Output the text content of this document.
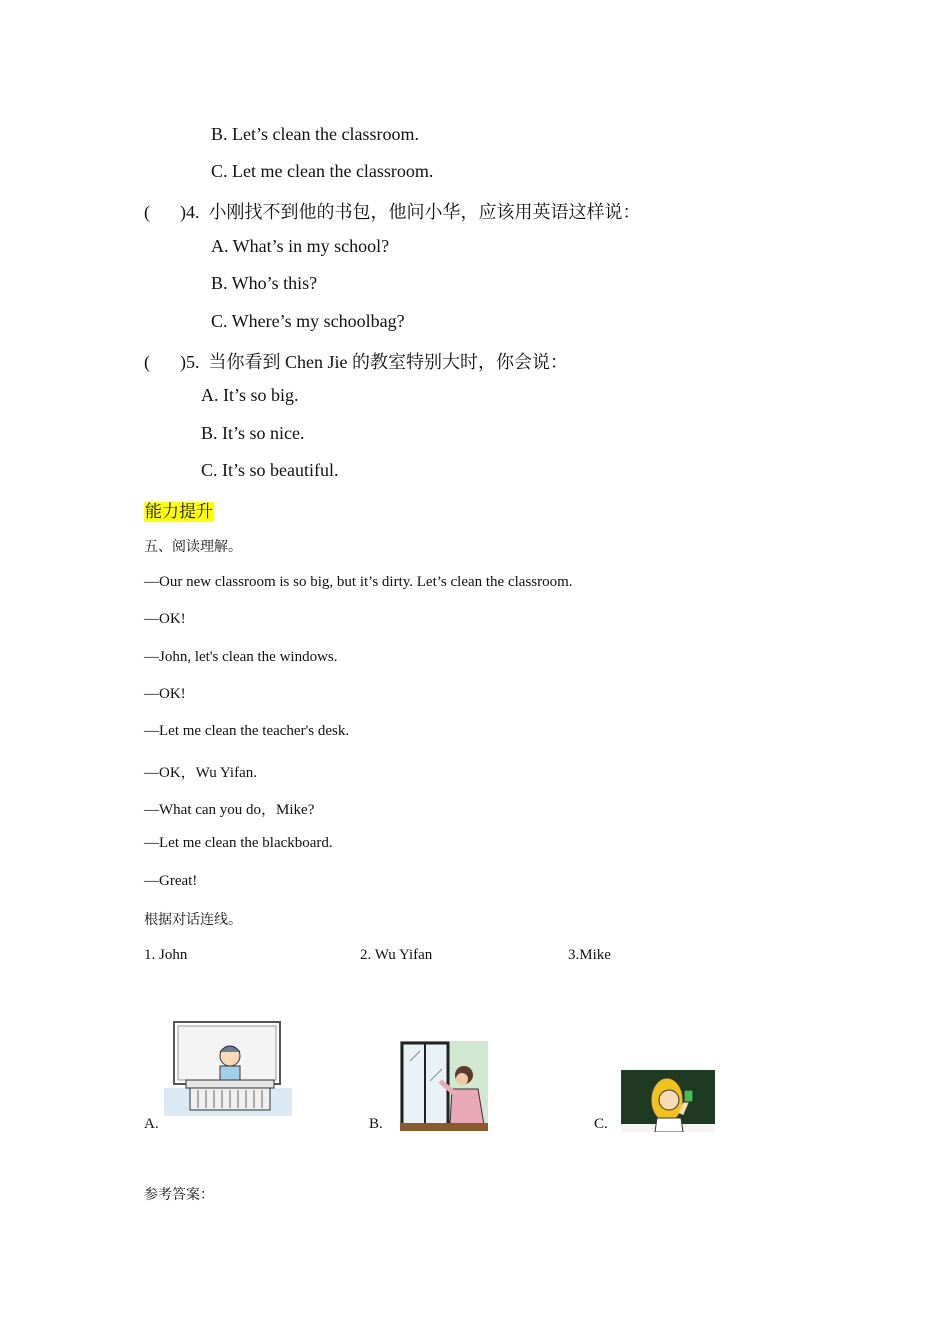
B. Let’s clean the classroom.
C. Let me clean the classroom.
( )4. 小刚找不到他的书包，他问小华，应该用英语这样说：
A. What’s in my school?
B. Who’s this?
C. Where’s my schoolbag?
( )5. 当你看到 Chen Jie 的教室特别大时，你会说：
A. It’s so big.
B. It’s so nice.
C. It’s so beautiful.
能力提升
五、阅读理解。
—Our new classroom is so big, but it’s dirty. Let’s clean the classroom.
—OK!
—John, let's clean the windows.
—OK!
—Let me clean the teacher's desk.
—OK，Wu Yifan.
—What can you do，Mike?
—Let me clean the blackboard.
—Great!
根据对话连线。
1. John	2. Wu Yifan	3.Mike
A.	B.	C.
参考答案：
